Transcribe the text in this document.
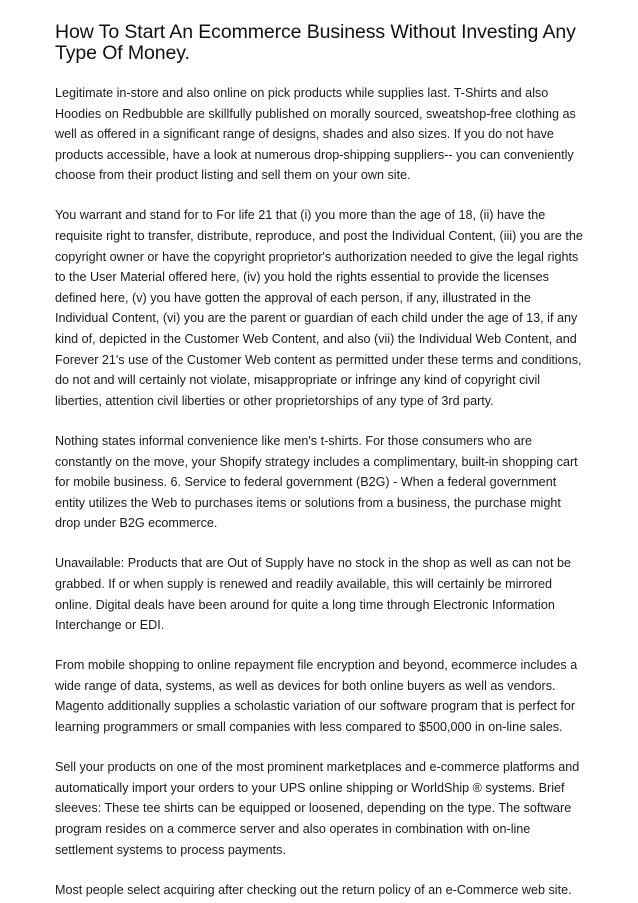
How To Start An Ecommerce Business Without Investing Any Type Of Money.

Legitimate in-store and also online on pick products while supplies last. T-Shirts and also Hoodies on Redbubble are skillfully published on morally sourced, sweatshop-free clothing as well as offered in a significant range of designs, shades and also sizes. If you do not have products accessible, have a look at numerous drop-shipping suppliers-- you can conveniently choose from their product listing and sell them on your own site.

You warrant and stand for to For life 21 that (i) you more than the age of 18, (ii) have the requisite right to transfer, distribute, reproduce, and post the Individual Content, (iii) you are the copyright owner or have the copyright proprietor's authorization needed to give the legal rights to the User Material offered here, (iv) you hold the rights essential to provide the licenses defined here, (v) you have gotten the approval of each person, if any, illustrated in the Individual Content, (vi) you are the parent or guardian of each child under the age of 13, if any kind of, depicted in the Customer Web Content, and also (vii) the Individual Web Content, and Forever 21's use of the Customer Web content as permitted under these terms and conditions, do not and will certainly not violate, misappropriate or infringe any kind of copyright civil liberties, attention civil liberties or other proprietorships of any type of 3rd party.

Nothing states informal convenience like men's t-shirts. For those consumers who are constantly on the move, your Shopify strategy includes a complimentary, built-in shopping cart for mobile business. 6. Service to federal government (B2G) - When a federal government entity utilizes the Web to purchases items or solutions from a business, the purchase might drop under B2G ecommerce.

Unavailable: Products that are Out of Supply have no stock in the shop as well as can not be grabbed. If or when supply is renewed and readily available, this will certainly be mirrored online. Digital deals have been around for quite a long time through Electronic Information Interchange or EDI.

From mobile shopping to online repayment file encryption and beyond, ecommerce includes a wide range of data, systems, as well as devices for both online buyers as well as vendors. Magento additionally supplies a scholastic variation of our software program that is perfect for learning programmers or small companies with less compared to $500,000 in on-line sales.

Sell your products on one of the most prominent marketplaces and e-commerce platforms and automatically import your orders to your UPS online shipping or WorldShip ® systems. Brief sleeves: These tee shirts can be equipped or loosened, depending on the type. The software program resides on a commerce server and also operates in combination with on-line settlement systems to process payments.

Most people select acquiring after checking out the return policy of an e-Commerce web site.
